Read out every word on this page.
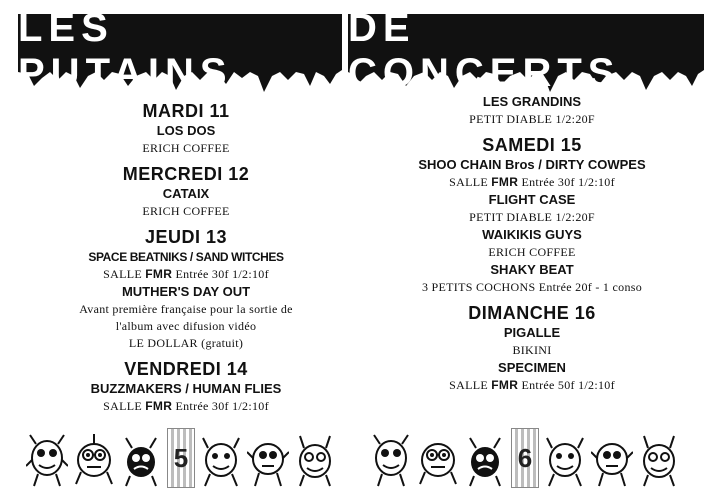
LES PUTAINS
DE CONCERTS
MARDI 11
LOS DOS
ERICH COFFEE
MERCREDI 12
CATAIX
ERICH COFFEE
JEUDI 13
SPACE BEATNIKS / SAND WITCHES
SALLE FMR Entrée 30f 1/2:10f
MUTHER'S DAY OUT
Avant première française pour la sortie de
l'album avec difusion vidéo
LE DOLLAR (gratuit)
VENDREDI 14
BUZZMAKERS / HUMAN FLIES
SALLE FMR Entrée 30f 1/2:10f
LES GRANDINS
PETIT DIABLE 1/2:20F
SAMEDI 15
SHOO CHAIN Bros / DIRTY COWPES
SALLE FMR Entrée 30f 1/2:10f
FLIGHT CASE
PETIT DIABLE 1/2:20F
WAIKIKIS GUYS
ERICH COFFEE
SHAKY BEAT
3 PETITS COCHONS Entrée 20f - 1 conso
DIMANCHE 16
PIGALLE
BIKINI
SPECIMEN
SALLE FMR Entrée 50f 1/2:10f
5	6
